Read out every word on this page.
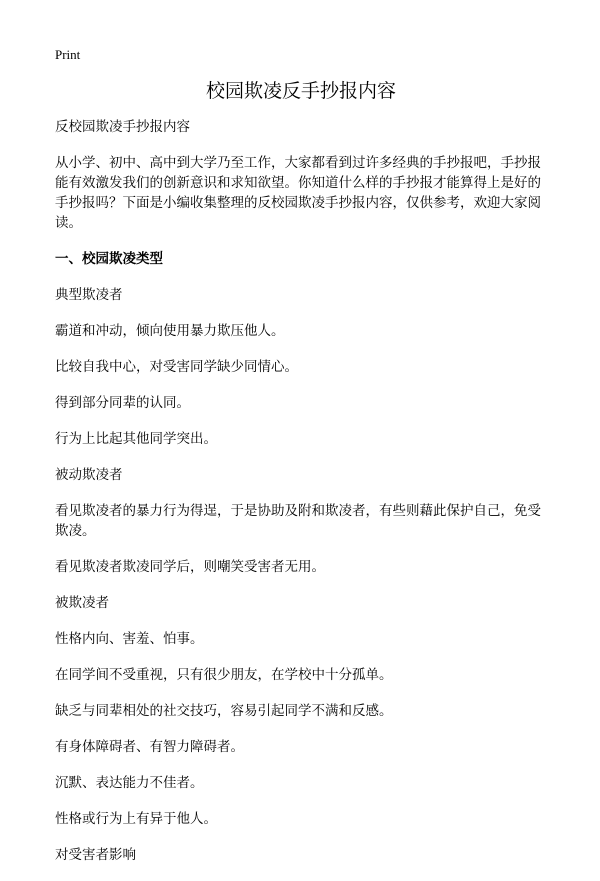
Print
校园欺凌反手抄报内容

反校园欺凌手抄报内容

从小学、初中、高中到大学乃至工作，大家都看到过许多经典的手抄报吧，手抄报能有效激发我们的创新意识和求知欲望。你知道什么样的手抄报才能算得上是好的手抄报吗？下面是小编收集整理的反校园欺凌手抄报内容，仅供参考，欢迎大家阅读。

一、校园欺凌类型

典型欺凌者

霸道和冲动，倾向使用暴力欺压他人。

比较自我中心，对受害同学缺少同情心。

得到部分同辈的认同。

行为上比起其他同学突出。

被动欺凌者

看见欺凌者的暴力行为得逞，于是协助及附和欺凌者，有些则藉此保护自己，免受欺凌。

看见欺凌者欺凌同学后，则嘲笑受害者无用。

被欺凌者

性格内向、害羞、怕事。

在同学间不受重视，只有很少朋友，在学校中十分孤单。

缺乏与同辈相处的社交技巧，容易引起同学不满和反感。

有身体障碍者、有智力障碍者。

沉默、表达能力不佳者。

性格或行为上有异于他人。

对受害者影响
